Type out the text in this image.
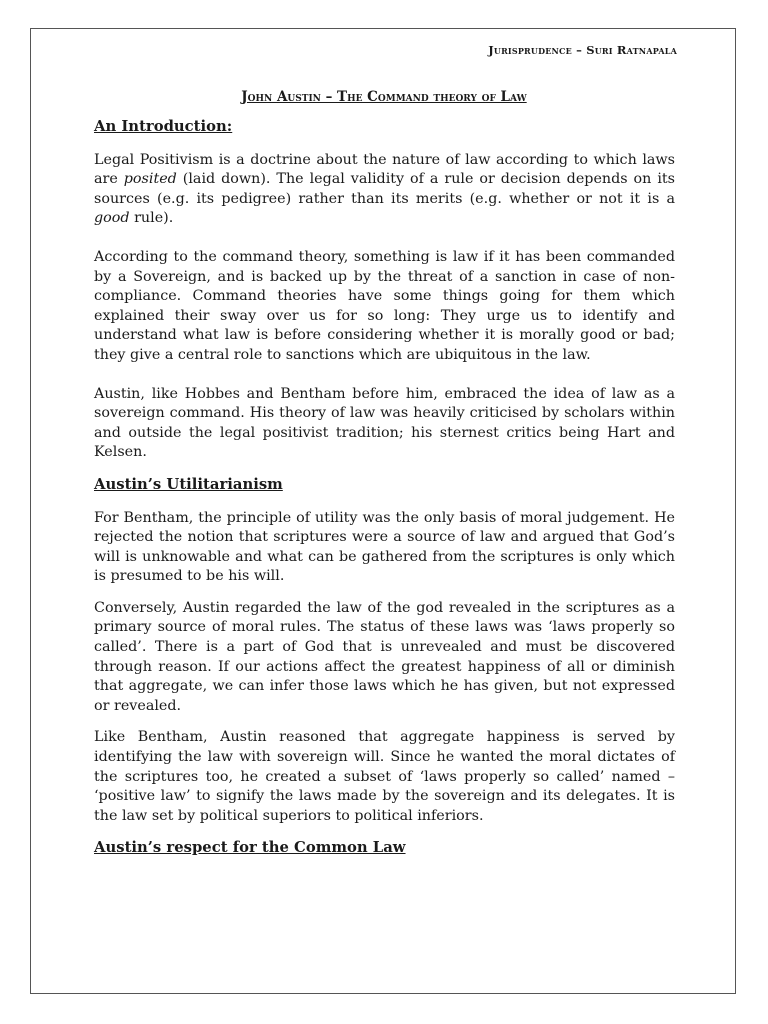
Jurisprudence – Suri Ratnapala
John Austin – The Command theory of Law
An Introduction:

Legal Positivism is a doctrine about the nature of law according to which laws are posited (laid down). The legal validity of a rule or decision depends on its sources (e.g. its pedigree) rather than its merits (e.g. whether or not it is a good rule).

According to the command theory, something is law if it has been commanded by a Sovereign, and is backed up by the threat of a sanction in case of non-compliance. Command theories have some things going for them which explained their sway over us for so long: They urge us to identify and understand what law is before considering whether it is morally good or bad; they give a central role to sanctions which are ubiquitous in the law.

Austin, like Hobbes and Bentham before him, embraced the idea of law as a sovereign command. His theory of law was heavily criticised by scholars within and outside the legal positivist tradition; his sternest critics being Hart and Kelsen.

Austin’s Utilitarianism

For Bentham, the principle of utility was the only basis of moral judgement. He rejected the notion that scriptures were a source of law and argued that God’s will is unknowable and what can be gathered from the scriptures is only which is presumed to be his will.

Conversely, Austin regarded the law of the god revealed in the scriptures as a primary source of moral rules. The status of these laws was ‘laws properly so called’. There is a part of God that is unrevealed and must be discovered through reason. If our actions affect the greatest happiness of all or diminish that aggregate, we can infer those laws which he has given, but not expressed or revealed.

Like Bentham, Austin reasoned that aggregate happiness is served by identifying the law with sovereign will. Since he wanted the moral dictates of the scriptures too, he created a subset of ‘laws properly so called’ named – ‘positive law’ to signify the laws made by the sovereign and its delegates. It is the law set by political superiors to political inferiors.

Austin’s respect for the Common Law
